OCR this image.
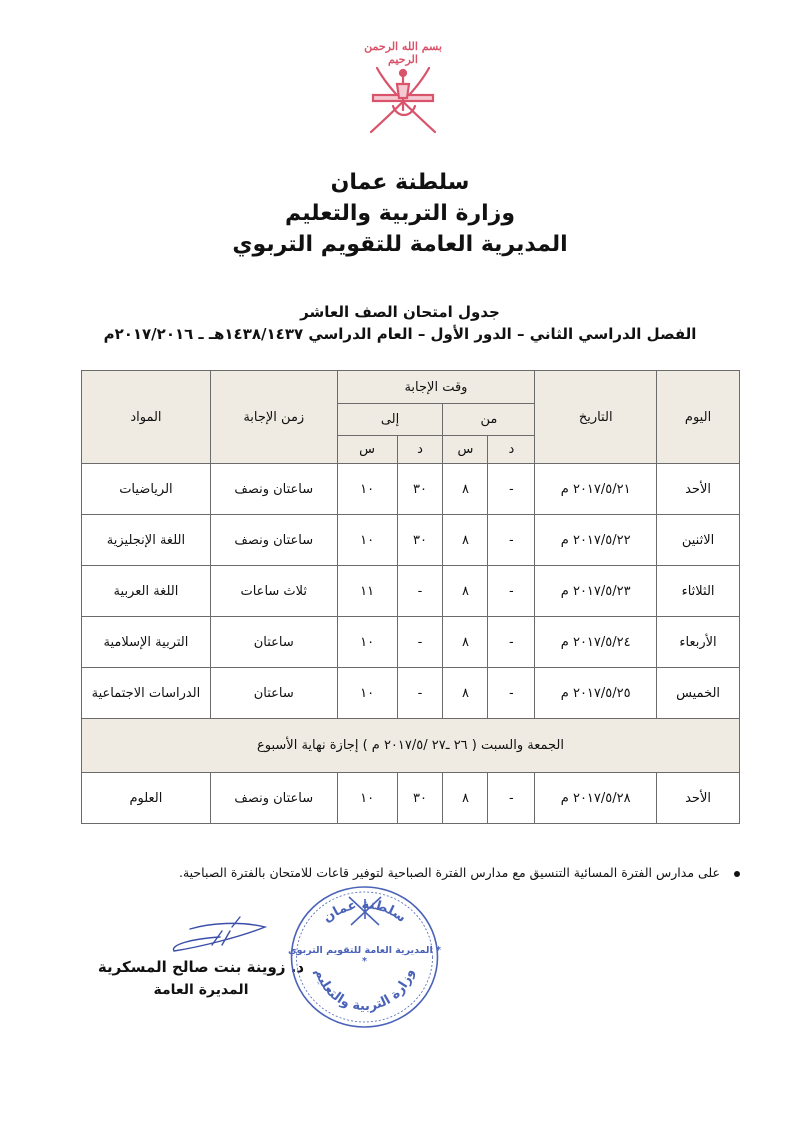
بسم الله الرحمن الرحيم
سلطنة عمان
وزارة التربية والتعليم
المديرية العامة للتقويم التربوي
جدول امتحان الصف العاشر
الفصل الدراسي الثاني – الدور الأول – العام الدراسي ١٤٣٨/١٤٣٧هـ ـ ٢٠١٧/٢٠١٦م
اليوم	التاريخ	وقت الإجابة				زمن الإجابة	المواد
		من		إلى			
		د	س	د	س		
الأحد	٢٠١٧/٥/٢١ م	-	٨	٣٠	١٠	ساعتان ونصف	الرياضيات
الاثنين	٢٠١٧/٥/٢٢ م	-	٨	٣٠	١٠	ساعتان ونصف	اللغة الإنجليزية
الثلاثاء	٢٠١٧/٥/٢٣ م	-	٨	-	١١	ثلاث ساعات	اللغة العربية
الأربعاء	٢٠١٧/٥/٢٤ م	-	٨	-	١٠	ساعتان	التربية الإسلامية
الخميس	٢٠١٧/٥/٢٥ م	-	٨	-	١٠	ساعتان	الدراسات الاجتماعية
الجمعة والسبت ( ٢٦ ـ٢٧ /٢٠١٧/٥ م ) إجازة نهاية الأسبوع							
الأحد	٢٠١٧/٥/٢٨ م	-	٨	٣٠	١٠	ساعتان ونصف	العلوم
على مدارس الفترة المسائية التنسيق مع مدارس الفترة الصباحية لتوفير قاعات للامتحان بالفترة الصباحية.
د. زوينة بنت صالح المسكرية
المديرة العامة
سلطنة عمان
وزارة التربية والتعليم
* المديرية العامة للتقويم التربوي *
